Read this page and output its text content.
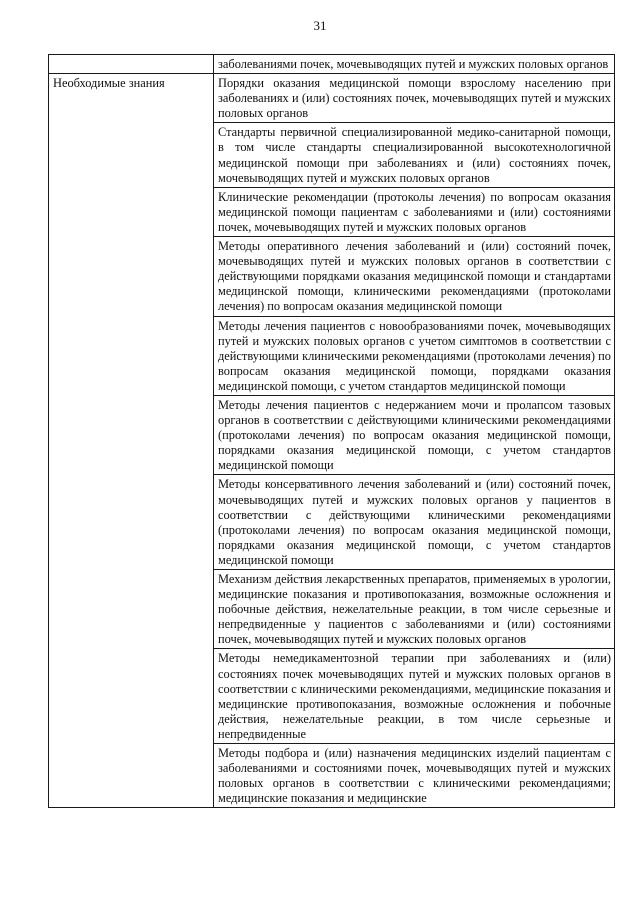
31
	заболеваниями почек, мочевыводящих путей и мужских половых органов
Необходимые знания	Порядки оказания медицинской помощи взрослому населению при заболеваниях и (или) состояниях почек, мочевыводящих путей и мужских половых органов
	Стандарты первичной специализированной медико-санитарной помощи, в том числе стандарты специализированной высокотехнологичной медицинской помощи при заболеваниях и (или) состояниях почек, мочевыводящих путей и мужских половых органов
	Клинические рекомендации (протоколы лечения) по вопросам оказания медицинской помощи пациентам с заболеваниями и (или) состояниями почек, мочевыводящих путей и мужских половых органов
	Методы оперативного лечения заболеваний и (или) состояний почек, мочевыводящих путей и мужских половых органов в соответствии с действующими порядками оказания медицинской помощи и стандартами медицинской помощи, клиническими рекомендациями (протоколами лечения) по вопросам оказания медицинской помощи
	Методы лечения пациентов с новообразованиями почек, мочевыводящих путей и мужских половых органов с учетом симптомов в соответствии с действующими клиническими рекомендациями (протоколами лечения) по вопросам оказания медицинской помощи, порядками оказания медицинской помощи, с учетом стандартов медицинской помощи
	Методы лечения пациентов с недержанием мочи и пролапсом тазовых органов в соответствии с действующими клиническими рекомендациями (протоколами лечения) по вопросам оказания медицинской помощи, порядками оказания медицинской помощи, с учетом стандартов медицинской помощи
	Методы консервативного лечения заболеваний и (или) состояний почек, мочевыводящих путей и мужских половых органов у пациентов в соответствии с действующими клиническими рекомендациями (протоколами лечения) по вопросам оказания медицинской помощи, порядками оказания медицинской помощи, с учетом стандартов медицинской помощи
	Механизм действия лекарственных препаратов, применяемых в урологии, медицинские показания и противопоказания, возможные осложнения и побочные действия, нежелательные реакции, в том числе серьезные и непредвиденные у пациентов с заболеваниями и (или) состояниями почек, мочевыводящих путей и мужских половых органов
	Методы немедикаментозной терапии при заболеваниях и (или) состояниях почек мочевыводящих путей и мужских половых органов в соответствии с клиническими рекомендациями, медицинские показания и медицинские противопоказания, возможные осложнения и побочные действия, нежелательные реакции, в том числе серьезные и непредвиденные
	Методы подбора и (или) назначения медицинских изделий пациентам с заболеваниями и состояниями почек, мочевыводящих путей и мужских половых органов в соответствии с клиническими рекомендациями; медицинские показания и медицинские
